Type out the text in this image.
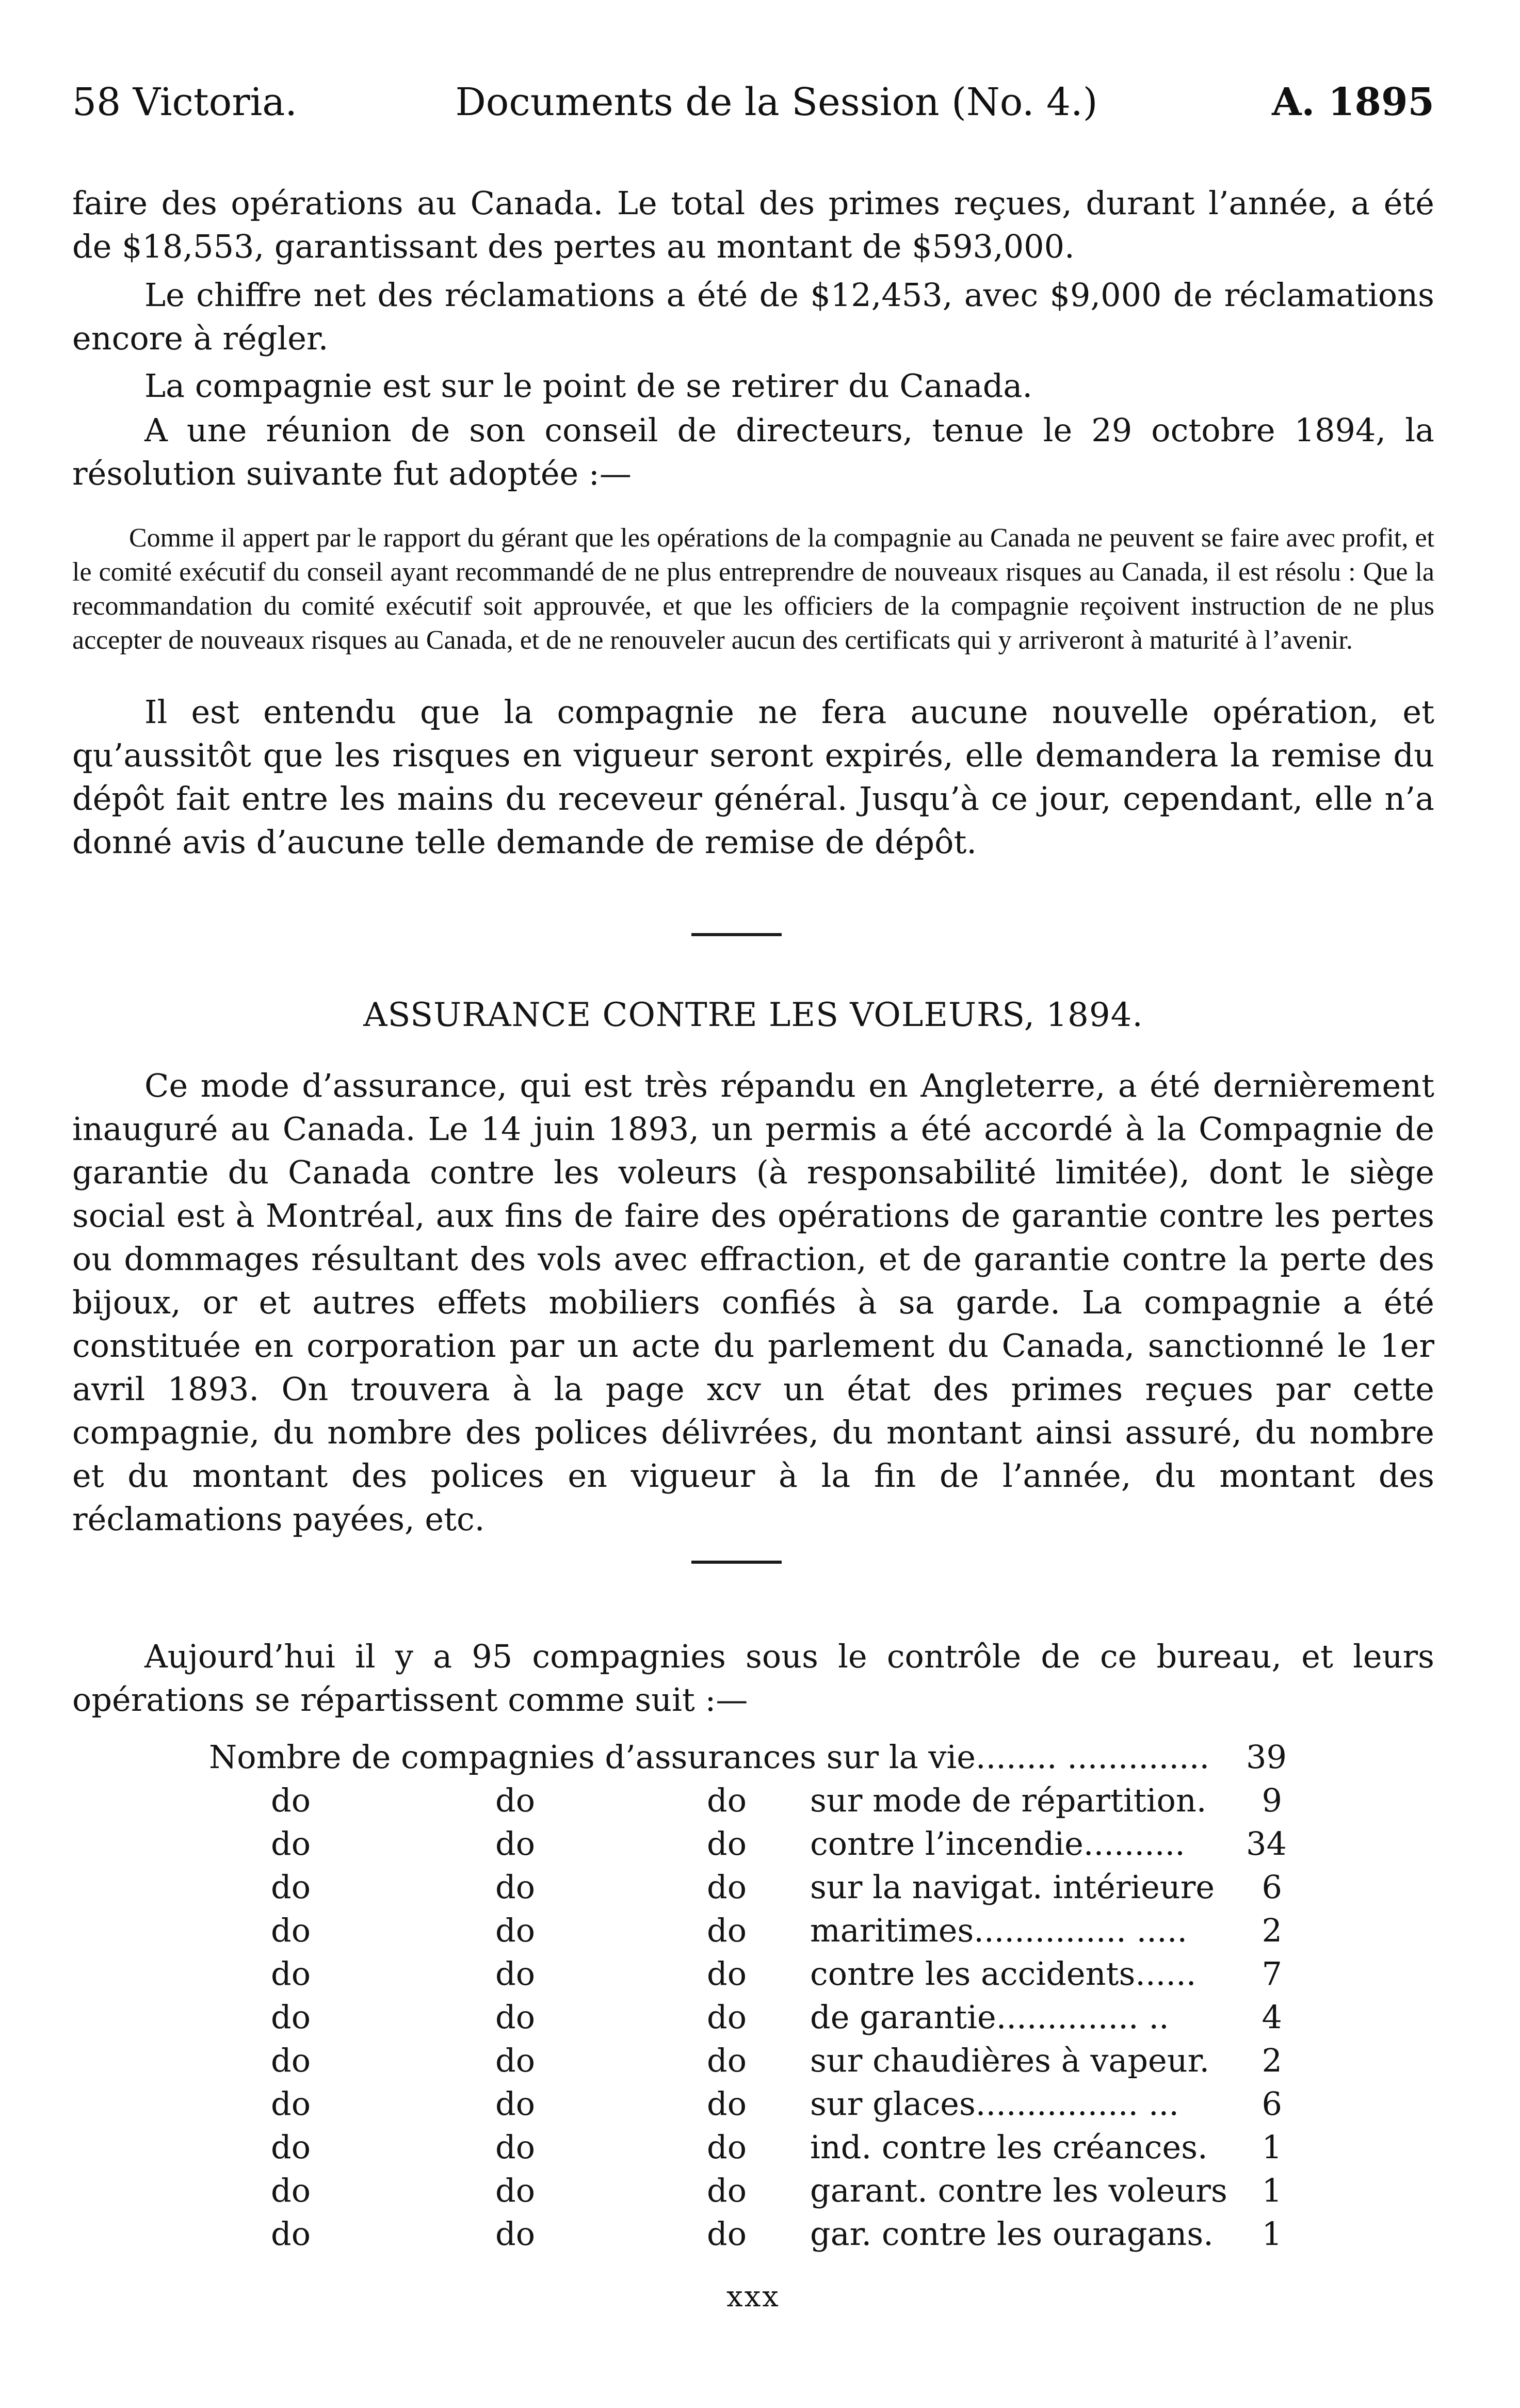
58 Victoria.	Documents de la Session (No. 4.)	A. 1895

faire des opérations au Canada. Le total des primes reçues, durant l’année, a été de $18,553, garantissant des pertes au montant de $593,000.

Le chiffre net des réclamations a été de $12,453, avec $9,000 de réclamations encore à régler.

La compagnie est sur le point de se retirer du Canada.

A une réunion de son conseil de directeurs, tenue le 29 octobre 1894, la résolution suivante fut adoptée :—

Comme il appert par le rapport du gérant que les opérations de la compagnie au Canada ne peuvent se faire avec profit, et le comité exécutif du conseil ayant recommandé de ne plus entreprendre de nouveaux risques au Canada, il est résolu : Que la recommandation du comité exécutif soit approuvée, et que les officiers de la compagnie reçoivent instruction de ne plus accepter de nouveaux risques au Canada, et de ne renouveler aucun des certificats qui y arriveront à maturité à l’avenir.

Il est entendu que la compagnie ne fera aucune nouvelle opération, et qu’aussitôt que les risques en vigueur seront expirés, elle demandera la remise du dépôt fait entre les mains du receveur général. Jusqu’à ce jour, cependant, elle n’a donné avis d’aucune telle demande de remise de dépôt.

ASSURANCE CONTRE LES VOLEURS, 1894.

Ce mode d’assurance, qui est très répandu en Angleterre, a été dernièrement inauguré au Canada. Le 14 juin 1893, un permis a été accordé à la Compagnie de garantie du Canada contre les voleurs (à responsabilité limitée), dont le siège social est à Montréal, aux fins de faire des opérations de garantie contre les pertes ou dommages résultant des vols avec effraction, et de garantie contre la perte des bijoux, or et autres effets mobiliers confiés à sa garde. La compagnie a été constituée en corporation par un acte du parlement du Canada, sanctionné le 1er avril 1893. On trouvera à la page xcv un état des primes reçues par cette compagnie, du nombre des polices délivrées, du montant ainsi assuré, du nombre et du montant des polices en vigueur à la fin de l’année, du montant des réclamations payées, etc.

Aujourd’hui il y a 95 compagnies sous le contrôle de ce bureau, et leurs opérations se répartissent comme suit :—

Nombre de compagnies d’assurances sur la vie........ .............. 39
do	do	do sur mode de répartition.	9
do	do	do contre l’incendie.......... 34
do	do	do sur la navigat. intérieure	6
do	do	do maritimes............... .....	2
do	do	do contre les accidents......	7
do	do	do de garantie.............. ..	4
do	do	do sur chaudières à vapeur.	2
do	do	do sur glaces................ ...	6
do	do	do ind. contre les créances.	1
do	do	do garant. contre les voleurs	1
do	do	do gar. contre les ouragans.	1
xxx
